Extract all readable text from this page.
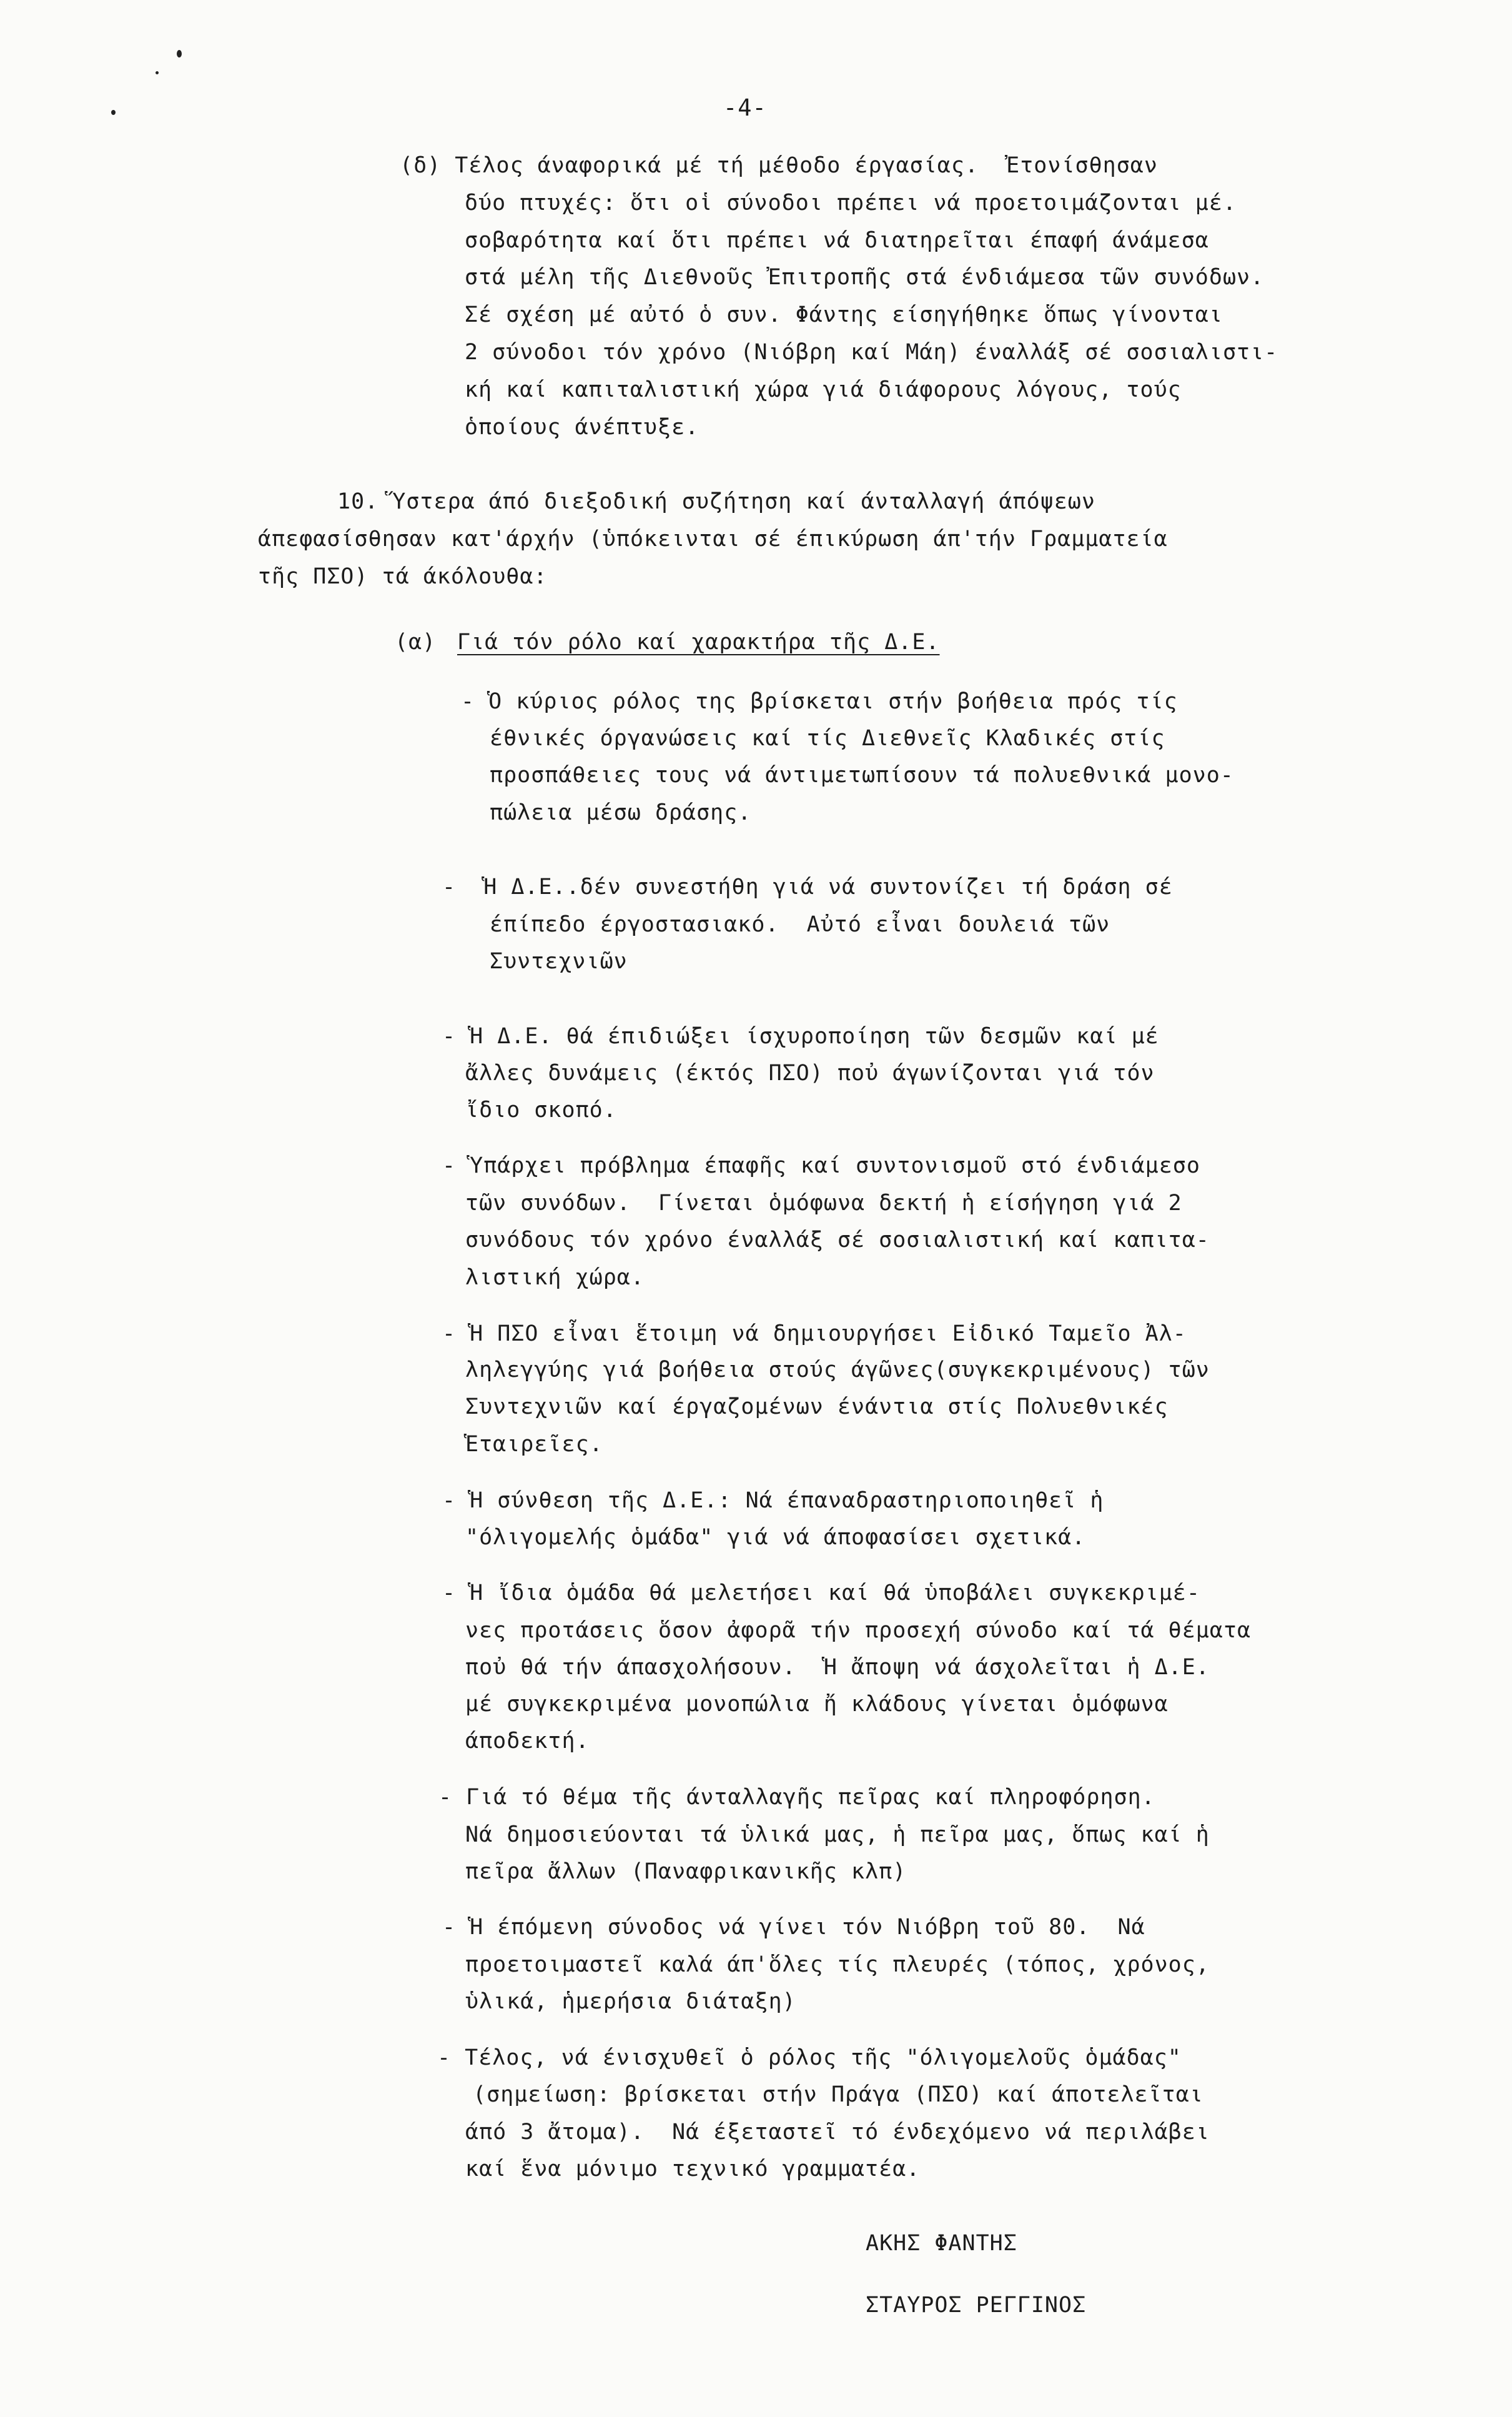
-4-
(δ) Τέλος άναφορικά μέ τή μέθοδο έργασίας.  Ἐτονίσθησαν
δύο πτυχές: ὅτι οἱ σύνοδοι πρέπει νά προετοιμάζονται μέ.
σοβαρότητα καί ὅτι πρέπει νά διατηρεῖται έπαφή άνάμεσα
στά μέλη τῆς Διεθνοῦς Ἐπιτροπῆς στά ένδιάμεσα τῶν συνόδων.
Σέ σχέση μέ αὐτό ὁ συν. Φάντης είσηγήθηκε ὅπως γίνονται
2 σύνοδοι τόν χρόνο (Νιόβρη καί Μάη) έναλλάξ σέ σοσιαλιστι-
κή καί καπιταλιστική χώρα γιά διάφορους λόγους, τούς
ὁποίους άνέπτυξε.
10. Ὕστερα άπό διεξοδική συζήτηση καί άνταλλαγή άπόψεων
άπεφασίσθησαν κατ'άρχήν (ὑπόκεινται σέ έπικύρωση άπ'τήν Γραμματεία
τῆς ΠΣΟ) τά άκόλουθα:
(α) Γιά τόν ρόλο καί χαρακτήρα τῆς Δ.Ε.
- Ὁ κύριος ρόλος της βρίσκεται στήν βοήθεια πρός τίς
έθνικές όργανώσεις καί τίς Διεθνεῖς Κλαδικές στίς
προσπάθειες τους νά άντιμετωπίσουν τά πολυεθνικά μονο-
πώλεια μέσω δράσης.
-  Ἡ Δ.Ε..δέν συνεστήθη γιά νά συντονίζει τή δράση σέ
έπίπεδο έργοστασιακό.  Αὐτό εἶναι δουλειά τῶν
Συντεχνιῶν
- Ἡ Δ.Ε. θά έπιδιώξει ίσχυροποίηση τῶν δεσμῶν καί μέ
ἄλλες δυνάμεις (έκτός ΠΣΟ) ποὐ άγωνίζονται γιά τόν
ἴδιο σκοπό.
- Ὑπάρχει πρόβλημα έπαφῆς καί συντονισμοῦ στό ένδιάμεσο
τῶν συνόδων.  Γίνεται ὁμόφωνα δεκτή ἡ είσήγηση γιά 2
συνόδους τόν χρόνο έναλλάξ σέ σοσιαλιστική καί καπιτα-
λιστική χώρα.
- Ἡ ΠΣΟ εἶναι ἕτοιμη νά δημιουργήσει Εἰδικό Ταμεῖο Ἀλ-
ληλεγγύης γιά βοήθεια στούς άγῶνες(συγκεκριμένους) τῶν
Συντεχνιῶν καί έργαζομένων ένάντια στίς Πολυεθνικές
Ἑταιρεῖες.
- Ἡ σύνθεση τῆς Δ.Ε.: Νά έπαναδραστηριοποιηθεῖ ἡ
"όλιγομελής ὁμάδα" γιά νά άποφασίσει σχετικά.
- Ἡ ἴδια ὁμάδα θά μελετήσει καί θά ὑποβάλει συγκεκριμέ-
νες προτάσεις ὅσον ἀφορᾶ τήν προσεχή σύνοδο καί τά θέματα
ποὐ θά τήν άπασχολήσουν.  Ἡ ἄποψη νά άσχολεῖται ἡ Δ.Ε.
μέ συγκεκριμένα μονοπώλια ἤ κλάδους γίνεται ὁμόφωνα
άποδεκτή.
- Γιά τό θέμα τῆς άνταλλαγῆς πεῖρας καί πληροφόρηση.
Νά δημοσιεύονται τά ὑλικά μας, ἡ πεῖρα μας, ὅπως καί ἡ
πεῖρα ἄλλων (Παναφρικανικῆς κλπ)
- Ἡ έπόμενη σύνοδος νά γίνει τόν Νιόβρη τοῦ 80.  Νά
προετοιμαστεῖ καλά άπ'ὅλες τίς πλευρές (τόπος, χρόνος,
ὑλικά, ἡμερήσια διάταξη)
- Τέλος, νά ένισχυθεῖ ὁ ρόλος τῆς "όλιγομελοῦς ὁμάδας"
(σημείωση: βρίσκεται στήν Πράγα (ΠΣΟ) καί άποτελεῖται
άπό 3 ἄτομα).  Νά έξεταστεῖ τό ένδεχόμενο νά περιλάβει
καί ἕνα μόνιμο τεχνικό γραμματέα.
ΑΚΗΣ ΦΑΝΤΗΣ
ΣΤΑΥΡΟΣ ΡΕΓΓΙΝΟΣ
